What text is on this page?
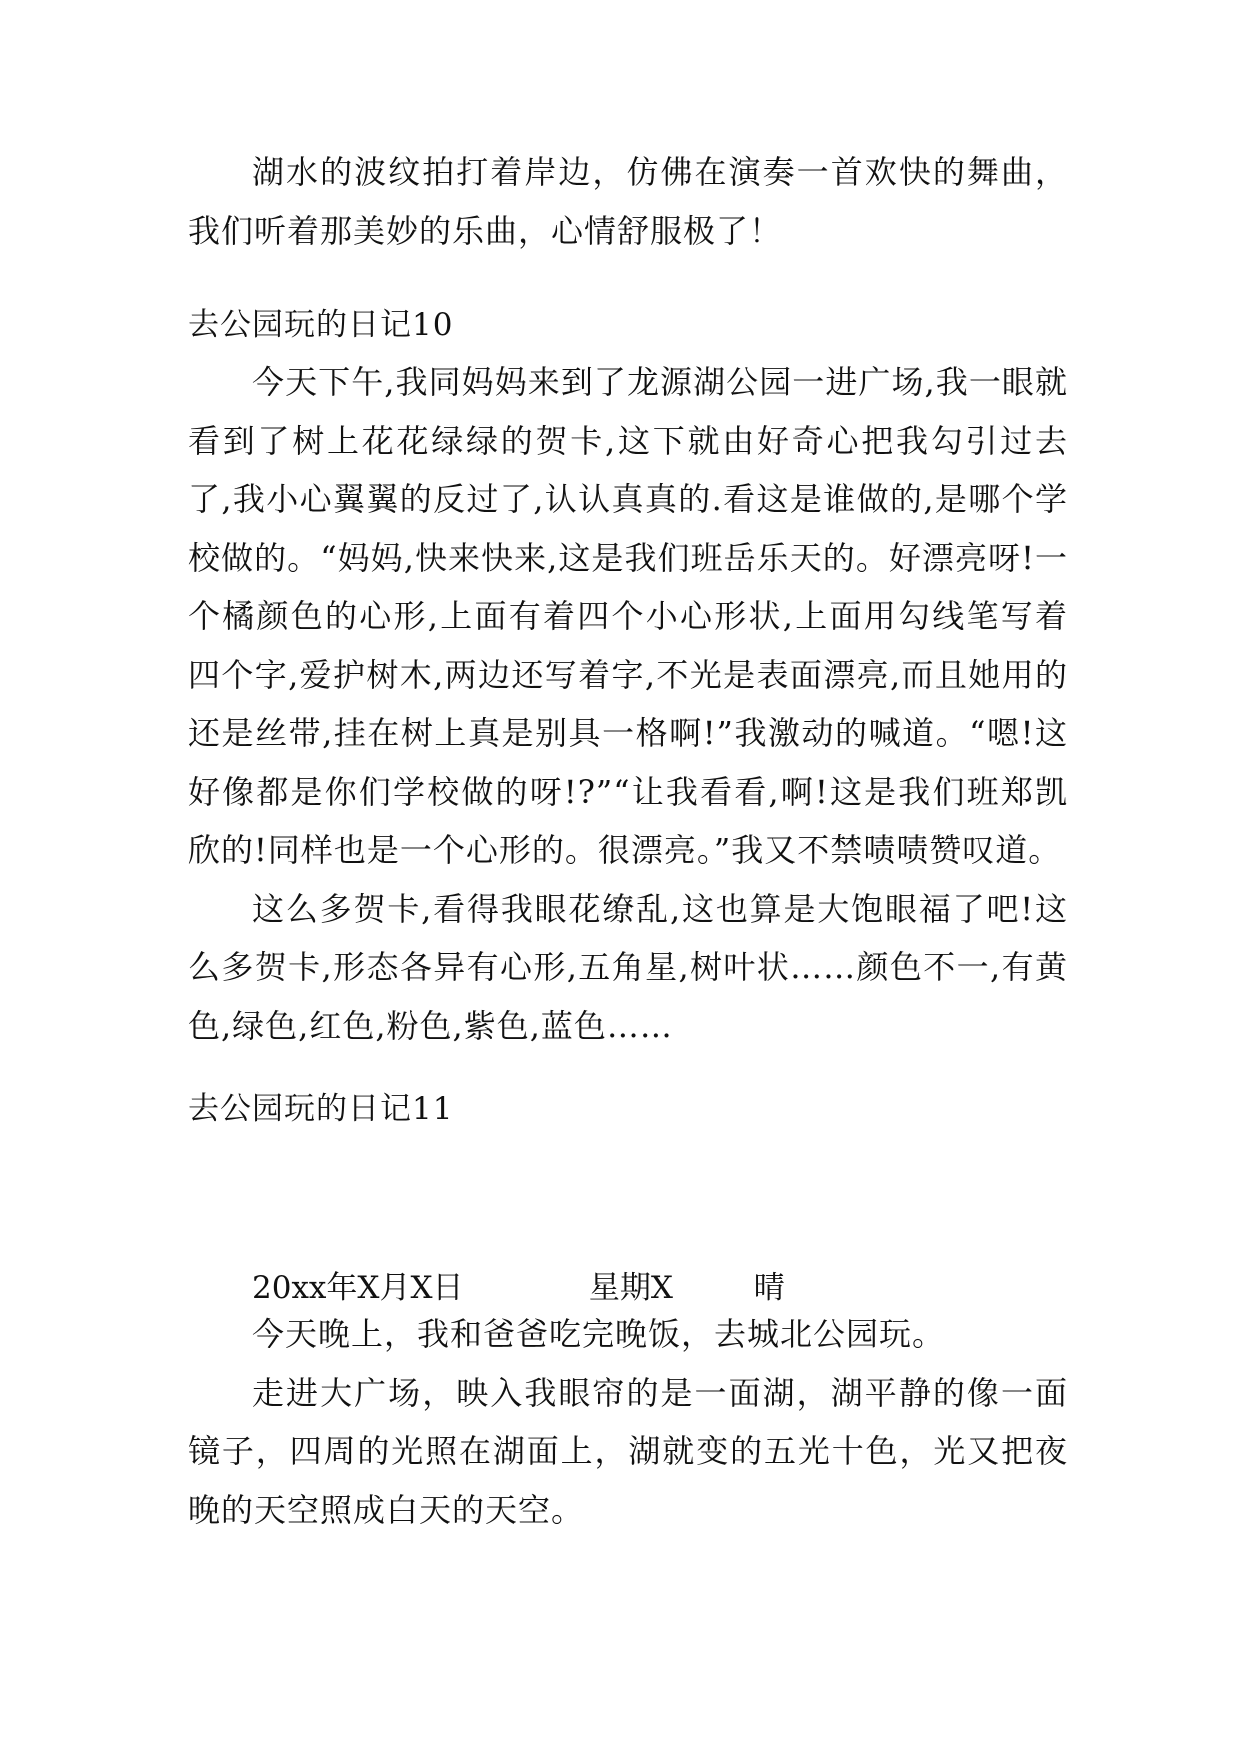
湖水的波纹拍打着岸边，仿佛在演奏一首欢快的舞曲，我们听着那美妙的乐曲，心情舒服极了！

去公园玩的日记10

今天下午,我同妈妈来到了龙源湖公园一进广场,我一眼就看到了树上花花绿绿的贺卡,这下就由好奇心把我勾引过去了,我小心翼翼的反过了,认认真真的.看这是谁做的,是哪个学校做的。“妈妈,快来快来,这是我们班岳乐天的。好漂亮呀!一个橘颜色的心形,上面有着四个小心形状,上面用勾线笔写着四个字,爱护树木,两边还写着字,不光是表面漂亮,而且她用的还是丝带,挂在树上真是别具一格啊!”我激动的喊道。“嗯!这好像都是你们学校做的呀!?”“让我看看,啊!这是我们班郑凯欣的!同样也是一个心形的。很漂亮。”我又不禁啧啧赞叹道。

这么多贺卡,看得我眼花缭乱,这也算是大饱眼福了吧!这么多贺卡,形态各异有心形,五角星,树叶状……颜色不一,有黄色,绿色,红色,粉色,紫色,蓝色……

去公园玩的日记11
20xx年X月X日	星期X	晴

今天晚上，我和爸爸吃完晚饭，去城北公园玩。

走进大广场，映入我眼帘的是一面湖，湖平静的像一面镜子，四周的光照在湖面上，湖就变的五光十色，光又把夜晚的天空照成白天的天空。
